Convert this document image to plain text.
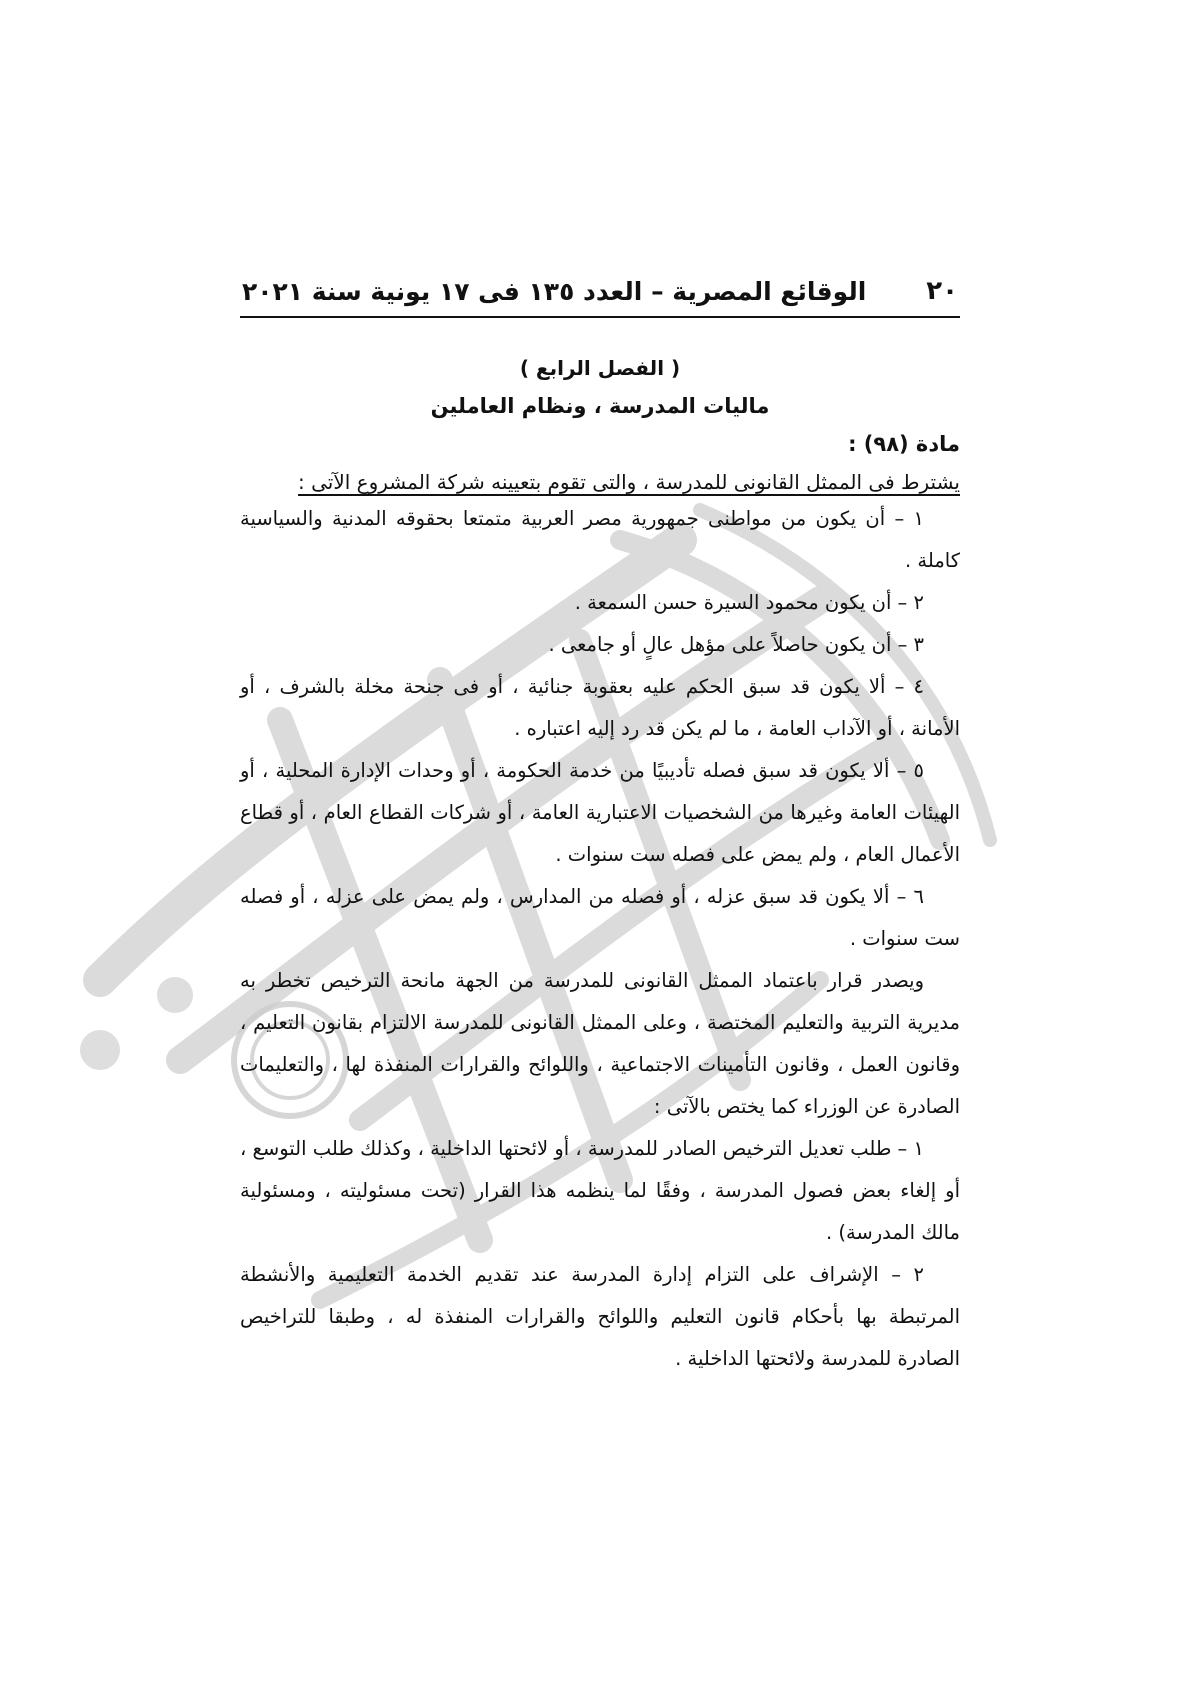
٢٠
الوقائع المصرية – العدد ١٣٥ فى ١٧ يونية سنة ٢٠٢١
( الفصل الرابع )
ماليات المدرسة ، ونظام العاملين
مادة (٩٨) :
يشترط فى الممثل القانونى للمدرسة ، والتى تقوم بتعيينه شركة المشروع الآتى :

١ – أن يكون من مواطنى جمهورية مصر العربية متمتعا بحقوقه المدنية والسياسية كاملة .

٢ – أن يكون محمود السيرة حسن السمعة .

٣ – أن يكون حاصلاً على مؤهل عالٍ أو جامعى .

٤ – ألا يكون قد سبق الحكم عليه بعقوبة جنائية ، أو فى جنحة مخلة بالشرف ، أو الأمانة ، أو الآداب العامة ، ما لم يكن قد رد إليه اعتباره .

٥ – ألا يكون قد سبق فصله تأديبيًا من خدمة الحكومة ، أو وحدات الإدارة المحلية ، أو الهيئات العامة وغيرها من الشخصيات الاعتبارية العامة ، أو شركات القطاع العام ، أو قطاع الأعمال العام ، ولم يمض على فصله ست سنوات .

٦ – ألا يكون قد سبق عزله ، أو فصله من المدارس ، ولم يمض على عزله ، أو فصله ست سنوات .

ويصدر قرار باعتماد الممثل القانونى للمدرسة من الجهة مانحة الترخيص تخطر به مديرية التربية والتعليم المختصة ، وعلى الممثل القانونى للمدرسة الالتزام بقانون التعليم ، وقانون العمل ، وقانون التأمينات الاجتماعية ، واللوائح والقرارات المنفذة لها ، والتعليمات الصادرة عن الوزراء كما يختص بالآتى :

١ – طلب تعديل الترخيص الصادر للمدرسة ، أو لائحتها الداخلية ، وكذلك طلب التوسع ، أو إلغاء بعض فصول المدرسة ، وفقًا لما ينظمه هذا القرار (تحت مسئوليته ، ومسئولية مالك المدرسة) .

٢ – الإشراف على التزام إدارة المدرسة عند تقديم الخدمة التعليمية والأنشطة المرتبطة بها بأحكام قانون التعليم واللوائح والقرارات المنفذة له ، وطبقا للتراخيص الصادرة للمدرسة ولائحتها الداخلية .
